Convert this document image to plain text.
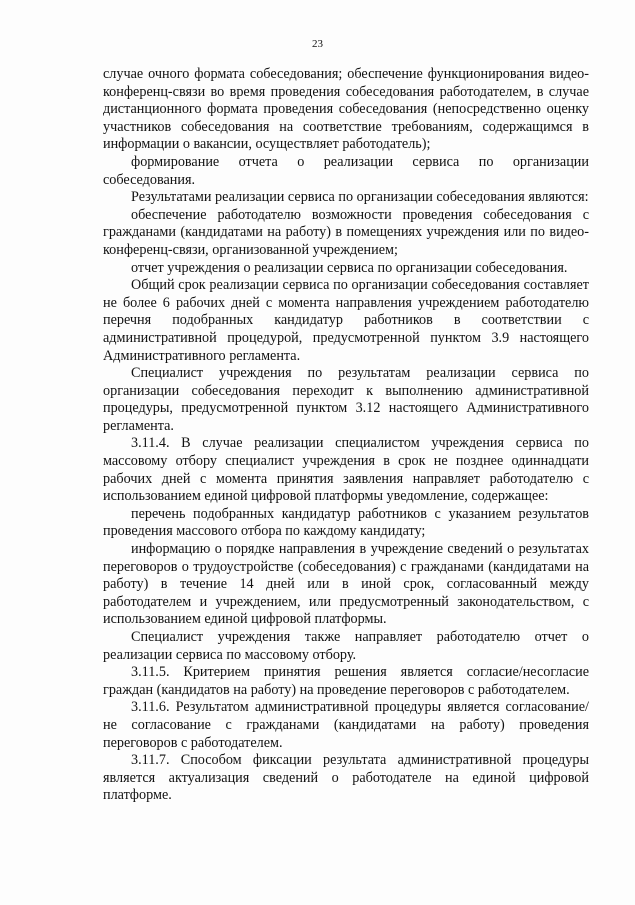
23

случае очного формата собеседования; обеспечение функционирования видео-конференц-связи во время проведения собеседования работодателем, в случае дистанционного формата проведения собеседования (непосредственно оценку участников собеседования на соответствие требованиям, содержащимся в информации о вакансии, осуществляет работодатель);

формирование отчета о реализации сервиса по организации собеседования.

Результатами реализации сервиса по организации собеседования являются:

обеспечение работодателю возможности проведения собеседования с гражданами (кандидатами на работу) в помещениях учреждения или по видео-конференц-связи, организованной учреждением;

отчет учреждения о реализации сервиса по организации собеседования.

Общий срок реализации сервиса по организации собеседования составляет не более 6 рабочих дней с момента направления учреждением работодателю перечня подобранных кандидатур работников в соответствии с административной процедурой, предусмотренной пунктом 3.9 настоящего Административного регламента.

Специалист учреждения по результатам реализации сервиса по организации собеседования переходит к выполнению административной процедуры, предусмотренной пунктом 3.12 настоящего Административного регламента.

3.11.4. В случае реализации специалистом учреждения сервиса по массовому отбору специалист учреждения в срок не позднее одиннадцати рабочих дней с момента принятия заявления направляет работодателю с использованием единой цифровой платформы уведомление, содержащее:

перечень подобранных кандидатур работников с указанием результатов проведения массового отбора по каждому кандидату;

информацию о порядке направления в учреждение сведений о результатах переговоров о трудоустройстве (собеседования) с гражданами (кандидатами на работу) в течение 14 дней или в иной срок, согласованный между работодателем и учреждением, или предусмотренный законодательством, с использованием единой цифровой платформы.

Специалист учреждения также направляет работодателю отчет о реализации сервиса по массовому отбору.

3.11.5. Критерием принятия решения является согласие/несогласие граждан (кандидатов на работу) на проведение переговоров с работодателем.

3.11.6. Результатом административной процедуры является согласование/не согласование с гражданами (кандидатами на работу) проведения переговоров с работодателем.

3.11.7. Способом фиксации результата административной процедуры является актуализация сведений о работодателе на единой цифровой платформе.
